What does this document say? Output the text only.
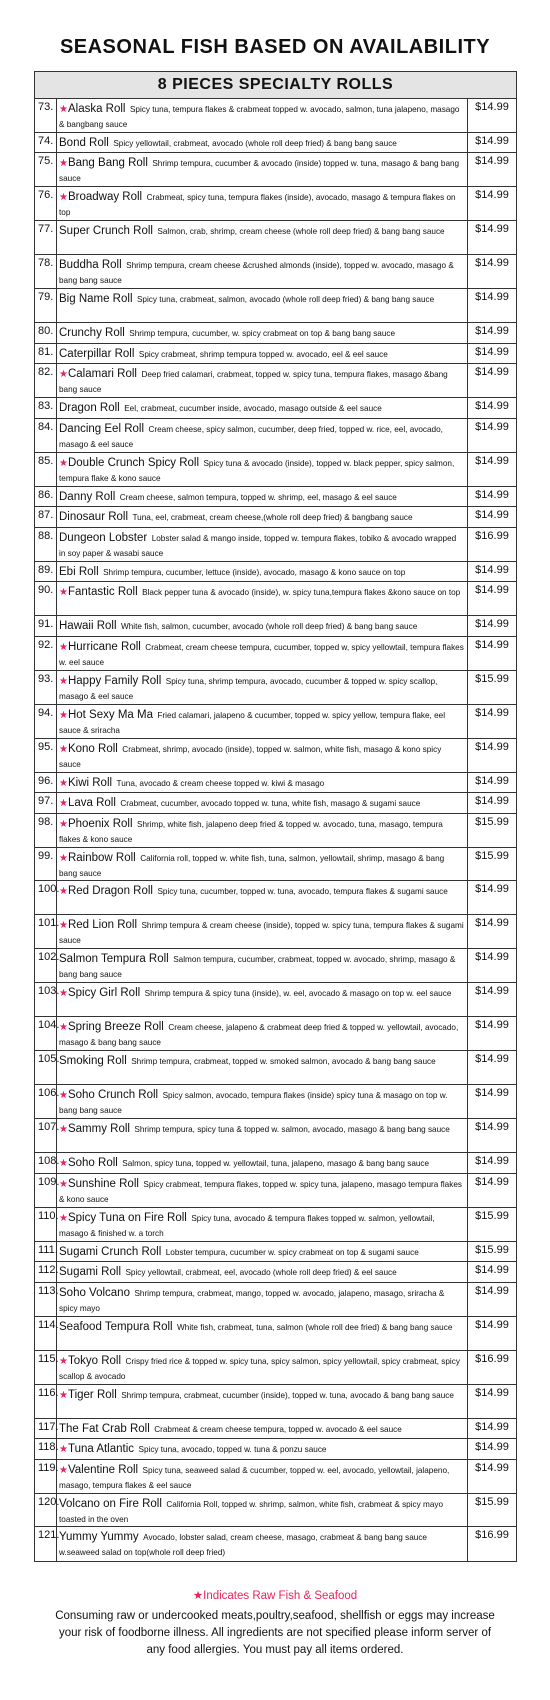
SEASONAL FISH BASED ON AVAILABILITY
8 PIECES SPECIALTY ROLLS
73. ★Alaska Roll Spicy tuna, tempura flakes & crabmeat topped w. avocado, salmon, tuna jalapeno, masago & bangbang sauce
$14.99
74. Bond Roll Spicy yellowtail, crabmeat, avocado (whole roll deep fried) & bang bang sauce	$14.99
75. ★Bang Bang Roll Shrimp tempura, cucumber & avocado (inside) topped w. tuna, masago & bang bang sauce
$14.99
76. ★Broadway Roll Crabmeat, spicy tuna, tempura flakes (inside), avocado, masago & tempura flakes on top
$14.99
77. Super Crunch Roll Salmon, crab, shrimp, cream cheese (whole roll deep fried) & bang bang sauce	$14.99
78. Buddha Roll Shrimp tempura, cream cheese &crushed almonds (inside), topped w. avocado, masago & bang bang sauce
$14.99
79. Big Name Roll Spicy tuna, crabmeat, salmon, avocado (whole roll deep fried) & bang bang sauce	$14.99
80. Crunchy Roll Shrimp tempura, cucumber, w. spicy crabmeat on top & bang bang sauce	$14.99
81. Caterpillar Roll Spicy crabmeat, shrimp tempura topped w. avocado, eel & eel sauce	$14.99
82. ★Calamari Roll Deep fried calamari, crabmeat, topped w. spicy tuna, tempura flakes, masago &bang bang sauce
$14.99
83. Dragon Roll Eel, crabmeat, cucumber inside, avocado, masago outside & eel sauce	$14.99
84. Dancing Eel Roll Cream cheese, spicy salmon, cucumber, deep fried, topped w. rice, eel, avocado, masago & eel sauce
$14.99
85. ★Double Crunch Spicy Roll Spicy tuna & avocado (inside), topped w. black pepper, spicy salmon, tempura flake & kono sauce
$14.99
86. Danny Roll Cream cheese, salmon tempura, topped w. shrimp, eel, masago & eel sauce	$14.99
87. Dinosaur Roll Tuna, eel, crabmeat, cream cheese,(whole roll deep fried) & bangbang sauce	$14.99
88. Dungeon Lobster Lobster salad & mango inside, topped w. tempura flakes, tobiko & avocado wrapped in soy paper & wasabi sauce
$16.99
89. Ebi Roll Shrimp tempura, cucumber, lettuce (inside), avocado, masago & kono sauce on top	$14.99
90. ★Fantastic Roll Black pepper tuna & avocado (inside), w. spicy tuna,tempura flakes &kono sauce on top	$14.99
91. Hawaii Roll White fish, salmon, cucumber, avocado (whole roll deep fried) & bang bang sauce	$14.99
92. ★Hurricane Roll Crabmeat, cream cheese tempura, cucumber, topped w, spicy yellowtail, tempura flakes w. eel sauce
$14.99
93. ★Happy Family Roll Spicy tuna, shrimp tempura, avocado, cucumber & topped w. spicy scallop, masago & eel sauce
$15.99
94. ★Hot Sexy Ma Ma Fried calamari, jalapeno & cucumber, topped w. spicy yellow, tempura flake, eel sauce & sriracha
$14.99
95. ★Kono Roll Crabmeat, shrimp, avocado (inside), topped w. salmon, white fish, masago & kono spicy sauce
$14.99
96. ★Kiwi Roll Tuna, avocado & cream cheese topped w. kiwi & masago	$14.99
97. ★Lava Roll Crabmeat, cucumber, avocado topped w. tuna, white fish, masago & sugami sauce	$14.99
98. ★Phoenix Roll Shrimp, white fish, jalapeno deep fried & topped w. avocado, tuna, masago, tempura flakes & kono sauce
$15.99
99. ★Rainbow Roll California roll, topped w. white fish, tuna, salmon, yellowtail, shrimp, masago & bang bang sauce
$15.99
100. ★Red Dragon Roll Spicy tuna, cucumber, topped w. tuna, avocado, tempura flakes & sugami sauce	$14.99
101. ★Red Lion Roll Shrimp tempura & cream cheese (inside), topped w. spicy tuna, tempura flakes & sugami sauce
$14.99
102. Salmon Tempura Roll Salmon tempura, cucumber, crabmeat, topped w. avocado, shrimp, masago & bang bang sauce
$14.99
103. ★Spicy Girl Roll Shrimp tempura & spicy tuna (inside), w. eel, avocado & masago on top w. eel sauce	$14.99
104. ★Spring Breeze Roll Cream cheese, jalapeno & crabmeat deep fried & topped w. yellowtail, avocado, masago & bang bang sauce
$14.99
105. Smoking Roll Shrimp tempura, crabmeat, topped w. smoked salmon, avocado & bang bang sauce	$14.99
106. ★Soho Crunch Roll Spicy salmon, avocado, tempura flakes (inside) spicy tuna & masago on top w. bang bang sauce
$14.99
107. ★Sammy Roll Shrimp tempura, spicy tuna & topped w. salmon, avocado, masago & bang bang sauce	$14.99
108. ★Soho Roll Salmon, spicy tuna, topped w. yellowtail, tuna, jalapeno, masago & bang bang sauce	$14.99
109. ★Sunshine Roll Spicy crabmeat, tempura flakes, topped w. spicy tuna, jalapeno, masago tempura flakes & kono sauce
$14.99
110. ★Spicy Tuna on Fire Roll Spicy tuna, avocado & tempura flakes topped w. salmon, yellowtail, masago & finished w. a torch
$15.99
111. Sugami Crunch Roll Lobster tempura, cucumber w. spicy crabmeat on top & sugami sauce	$15.99
112. Sugami Roll Spicy yellowtail, crabmeat, eel, avocado (whole roll deep fried) & eel sauce	$14.99
113. Soho Volcano Shrimp tempura, crabmeat, mango, topped w. avocado, jalapeno, masago, sriracha & spicy mayo
$14.99
114. Seafood Tempura Roll White fish, crabmeat, tuna, salmon (whole roll dee fried) & bang bang sauce	$14.99
115. ★Tokyo Roll Crispy fried rice & topped w. spicy tuna, spicy salmon, spicy yellowtail, spicy crabmeat, spicy scallop & avocado
$16.99
116. ★Tiger Roll Shrimp tempura, crabmeat, cucumber (inside), topped w. tuna, avocado & bang bang sauce	$14.99
117. The Fat Crab Roll Crabmeat & cream cheese tempura, topped w. avocado & eel sauce	$14.99
118. ★Tuna Atlantic Spicy tuna, avocado, topped w. tuna & ponzu sauce	$14.99
119. ★Valentine Roll Spicy tuna, seaweed salad & cucumber, topped w. eel, avocado, yellowtail, jalapeno, masago, tempura flakes & eel sauce
$14.99
120. Volcano on Fire Roll California Roll, topped w. shrimp, salmon, white fish, crabmeat & spicy mayo toasted in the oven
$15.99
121. Yummy Yummy Avocado, lobster salad, cream cheese, masago, crabmeat & bang bang sauce w.seaweed salad on top(whole roll deep fried)
$16.99
★Indicates Raw Fish & Seafood
Consuming raw or undercooked meats,poultry,seafood, shellfish or eggs may increase your risk of foodborne illness. All ingredients are not specified please inform server of any food allergies. You must pay all items ordered.
